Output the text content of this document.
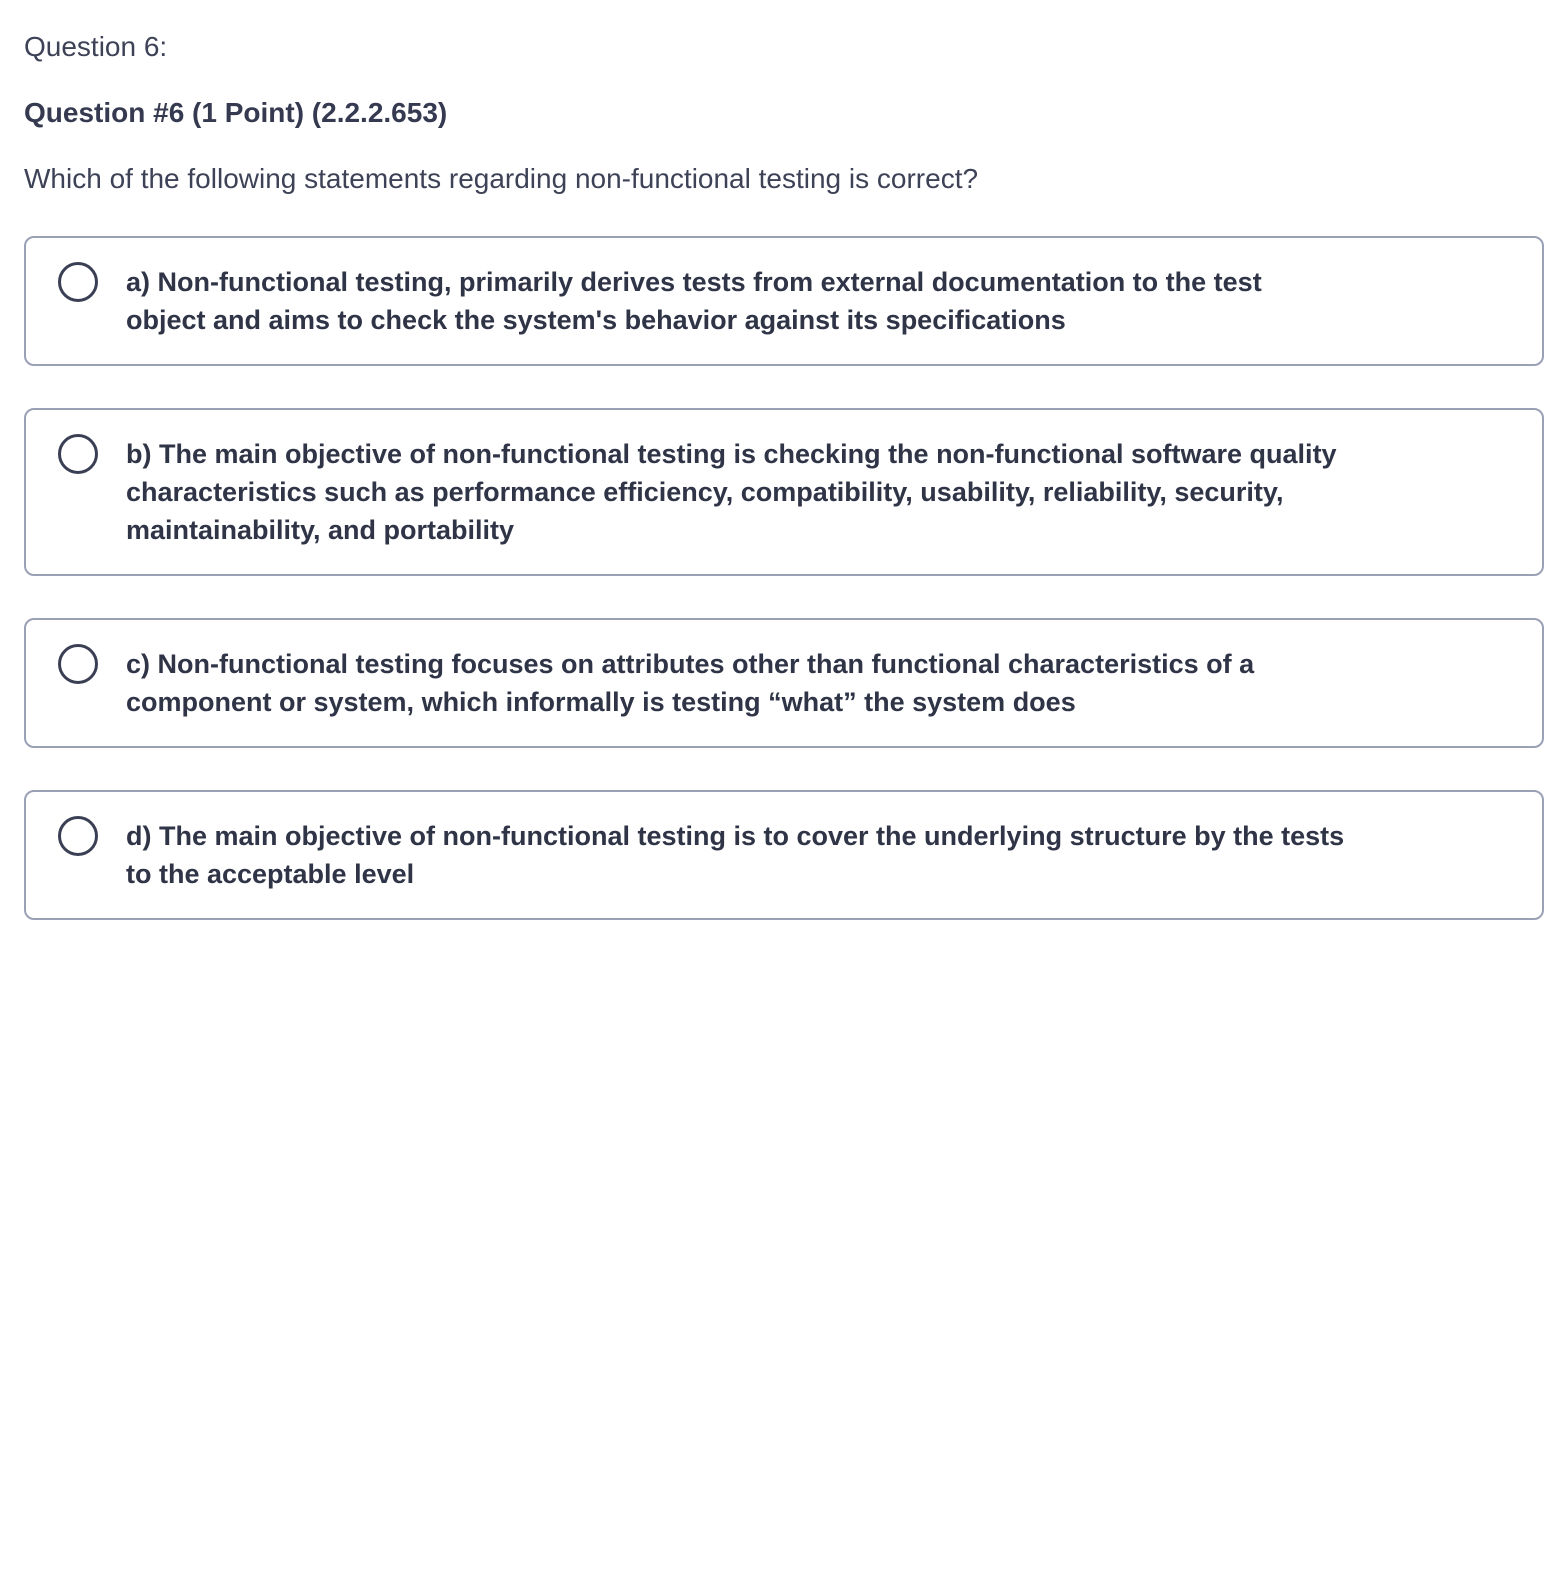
Question 6:

Question #6 (1 Point) (2.2.2.653)

Which of the following statements regarding non-functional testing is correct?

a) Non-functional testing, primarily derives tests from external documentation to the test object and aims to check the system's behavior against its specifications
b) The main objective of non-functional testing is checking the non-functional software quality characteristics such as performance efficiency, compatibility, usability, reliability, security, maintainability, and portability
c) Non-functional testing focuses on attributes other than functional characteristics of a component or system, which informally is testing “what” the system does
d) The main objective of non-functional testing is to cover the underlying structure by the tests to the acceptable level
